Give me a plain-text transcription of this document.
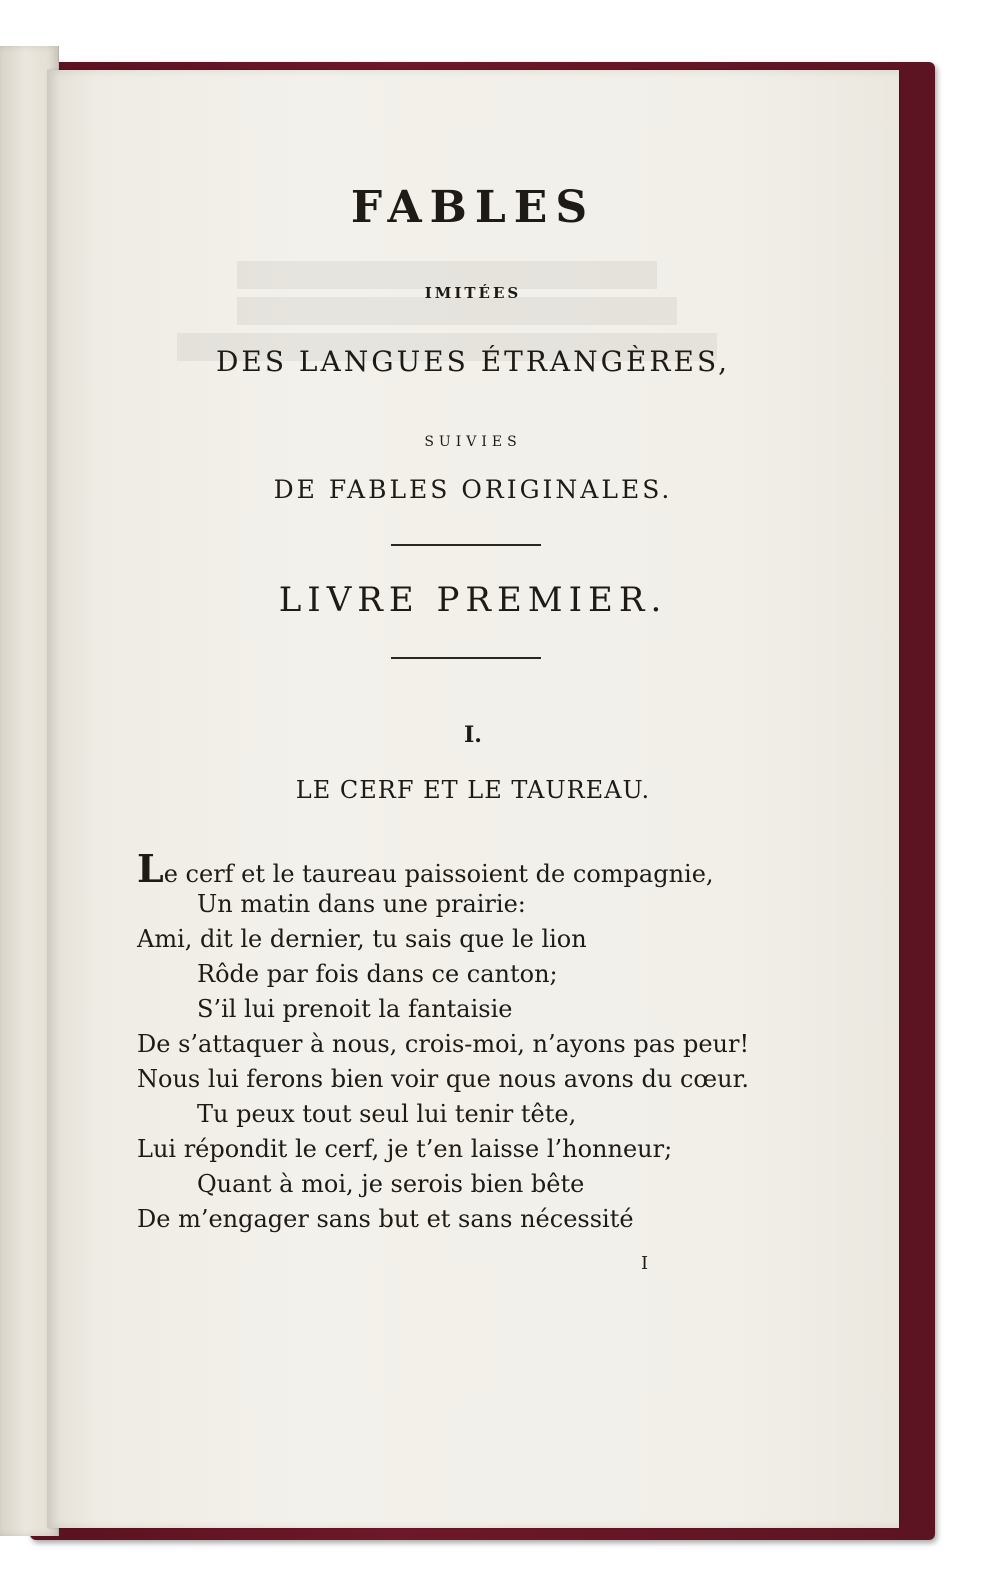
FABLES
IMITÉES
DES LANGUES ÉTRANGÈRES,
SUIVIES
DE FABLES ORIGINALES.
LIVRE PREMIER.
I.
LE CERF ET LE TAUREAU.
Le cerf et le taureau paissoient de compagnie,
Un matin dans une prairie:
Ami, dit le dernier, tu sais que le lion
Rôde par fois dans ce canton;
S’il lui prenoit la fantaisie
De s’attaquer à nous, crois-moi, n’ayons pas peur!
Nous lui ferons bien voir que nous avons du cœur.
Tu peux tout seul lui tenir tête,
Lui répondit le cerf, je t’en laisse l’honneur;
Quant à moi, je serois bien bête
De m’engager sans but et sans nécessité
I
